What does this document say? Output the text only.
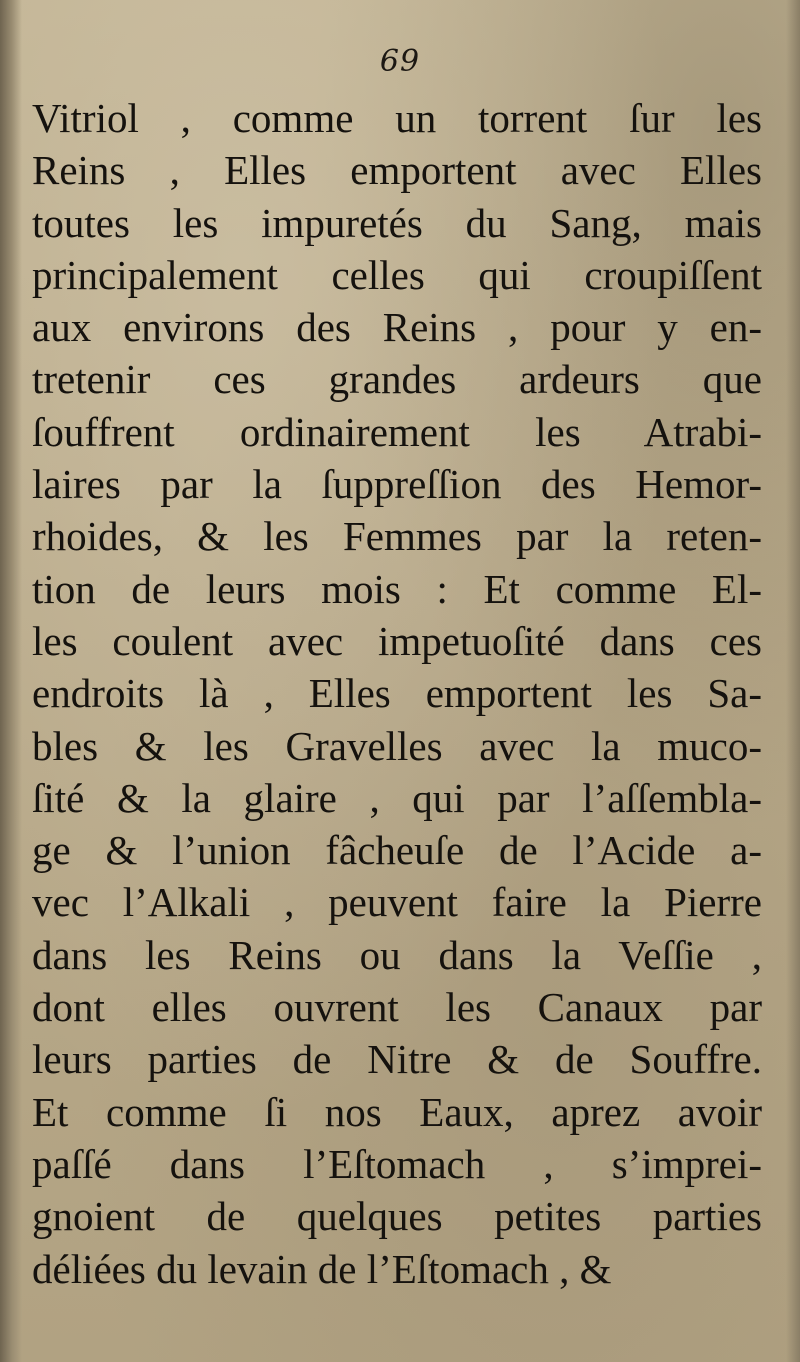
69
Vitriol , comme un torrent ſur les
Reins , Elles emportent avec Elles
toutes les impuretés du Sang, mais
principalement celles qui croupiſſent
aux environs des Reins , pour y en-
tretenir ces grandes ardeurs que
ſouffrent ordinairement les Atrabi-
laires par la ſuppreſſion des Hemor-
rhoides, & les Femmes par la reten-
tion de leurs mois : Et comme El-
les coulent avec impetuoſité dans ces
endroits là , Elles emportent les Sa-
bles & les Gravelles avec la muco-
ſité & la glaire , qui par l’aſſembla-
ge & l’union fâcheuſe de l’Acide a-
vec l’Alkali , peuvent faire la Pierre
dans les Reins ou dans la Veſſie ,
dont elles ouvrent les Canaux par
leurs parties de Nitre & de Souffre.
Et comme ſi nos Eaux, aprez avoir
paſſé dans l’Eſtomach , s’imprei-
gnoient de quelques petites parties
déliées du levain de l’Eſtomach , &
